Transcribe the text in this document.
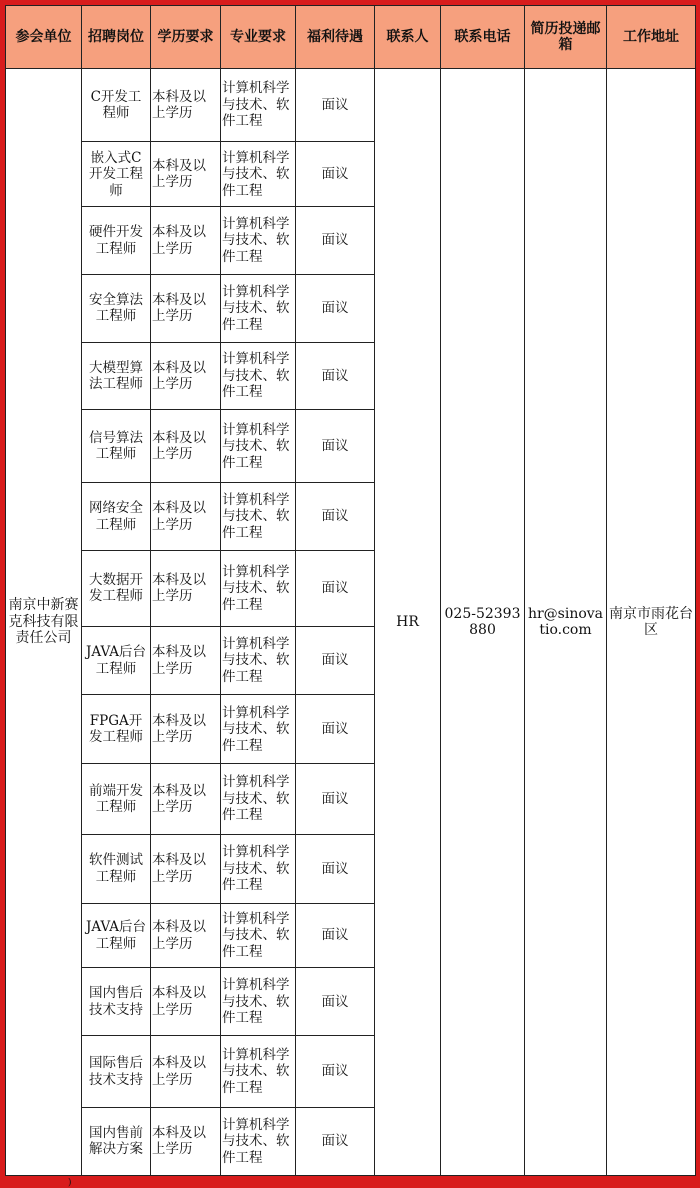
参会单位	招聘岗位	学历要求	专业要求	福利待遇	联系人	联系电话	简历投递邮箱	工作地址
南京中新赛克科技有限责任公司	C开发工程师	本科及以上学历	计算机科学与技术、软件工程	面议	HR	025-52393880	hr@sinovatio.com	南京市雨花台区
	嵌入式C开发工程师	本科及以上学历	计算机科学与技术、软件工程	面议				
	硬件开发工程师	本科及以上学历	计算机科学与技术、软件工程	面议				
	安全算法工程师	本科及以上学历	计算机科学与技术、软件工程	面议				
	大模型算法工程师	本科及以上学历	计算机科学与技术、软件工程	面议				
	信号算法工程师	本科及以上学历	计算机科学与技术、软件工程	面议				
	网络安全工程师	本科及以上学历	计算机科学与技术、软件工程	面议				
	大数据开发工程师	本科及以上学历	计算机科学与技术、软件工程	面议				
	JAVA后台工程师	本科及以上学历	计算机科学与技术、软件工程	面议				
	FPGA开发工程师	本科及以上学历	计算机科学与技术、软件工程	面议				
	前端开发工程师	本科及以上学历	计算机科学与技术、软件工程	面议				
	软件测试工程师	本科及以上学历	计算机科学与技术、软件工程	面议				
	JAVA后台工程师	本科及以上学历	计算机科学与技术、软件工程	面议				
	国内售后技术支持	本科及以上学历	计算机科学与技术、软件工程	面议				
	国际售后技术支持	本科及以上学历	计算机科学与技术、软件工程	面议				
	国内售前解决方案	本科及以上学历	计算机科学与技术、软件工程	面议				
)
